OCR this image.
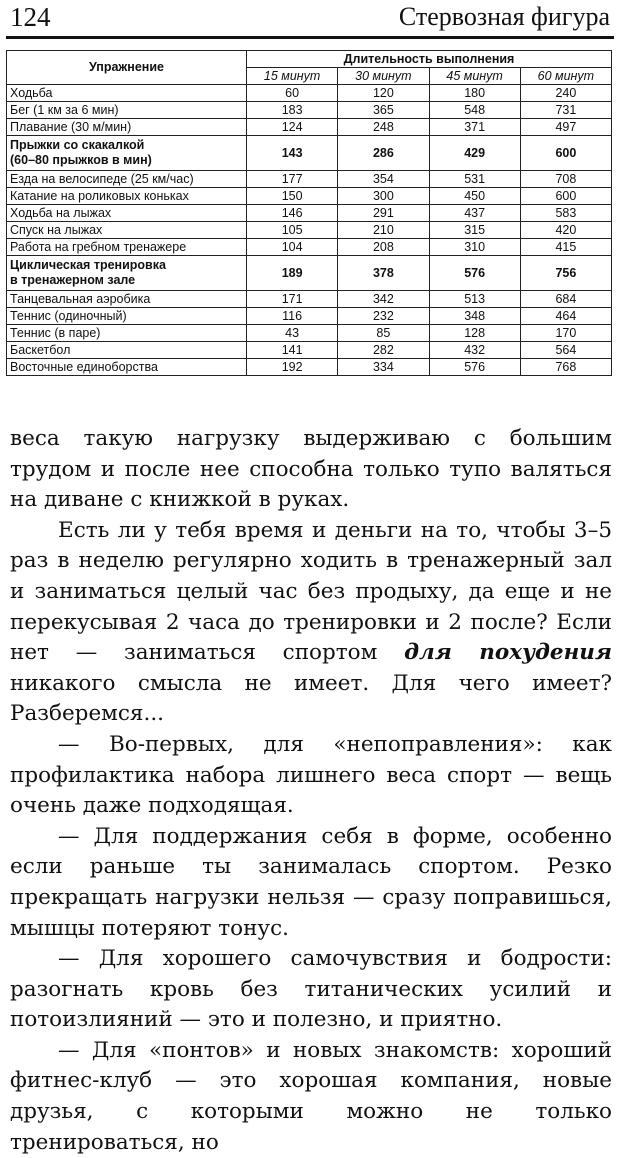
124	Стервозная фигура
Упражнение	Длительность выполнения			
	15 минут	30 минут	45 минут	60 минут
Ходьба	60	120	180	240
Бег (1 км за 6 мин)	183	365	548	731
Плавание (30 м/мин)	124	248	371	497

Прыжки со скакалкой
(60–80 прыжков в мин)	143	286	429	600
Езда на велосипеде (25 км/час)	177	354	531	708
Катание на роликовых коньках	150	300	450	600
Ходьба на лыжах	146	291	437	583
Спуск на лыжах	105	210	315	420
Работа на гребном тренажере	104	208	310	415

Циклическая тренировка
в тренажерном зале	189	378	576	756
Танцевальная аэробика	171	342	513	684
Теннис (одиночный)	116	232	348	464
Теннис (в паре)	43	85	128	170
Баскетбол	141	282	432	564
Восточные единоборства	192	334	576	768

веса такую нагрузку выдерживаю с большим трудом и после нее способна только тупо валяться на диване с книжкой в руках.

Есть ли у тебя время и деньги на то, чтобы 3–5 раз в неделю регулярно ходить в тренажерный зал и заниматься целый час без продыху, да еще и не перекусывая 2 часа до тренировки и 2 после? Если нет — заниматься спортом для похудения никакого смысла не имеет. Для чего имеет? Разберемся...

— Во-первых, для «непоправления»: как профилактика набора лишнего веса спорт — вещь очень даже подходящая.

— Для поддержания себя в форме, особенно если раньше ты занималась спортом. Резко прекращать нагрузки нельзя — сразу поправишься, мышцы потеряют тонус.

— Для хорошего самочувствия и бодрости: разогнать кровь без титанических усилий и потоизлияний — это и полезно, и приятно.

— Для «понтов» и новых знакомств: хороший фитнес-клуб — это хорошая компания, новые друзья, с которыми можно не только тренироваться, но
